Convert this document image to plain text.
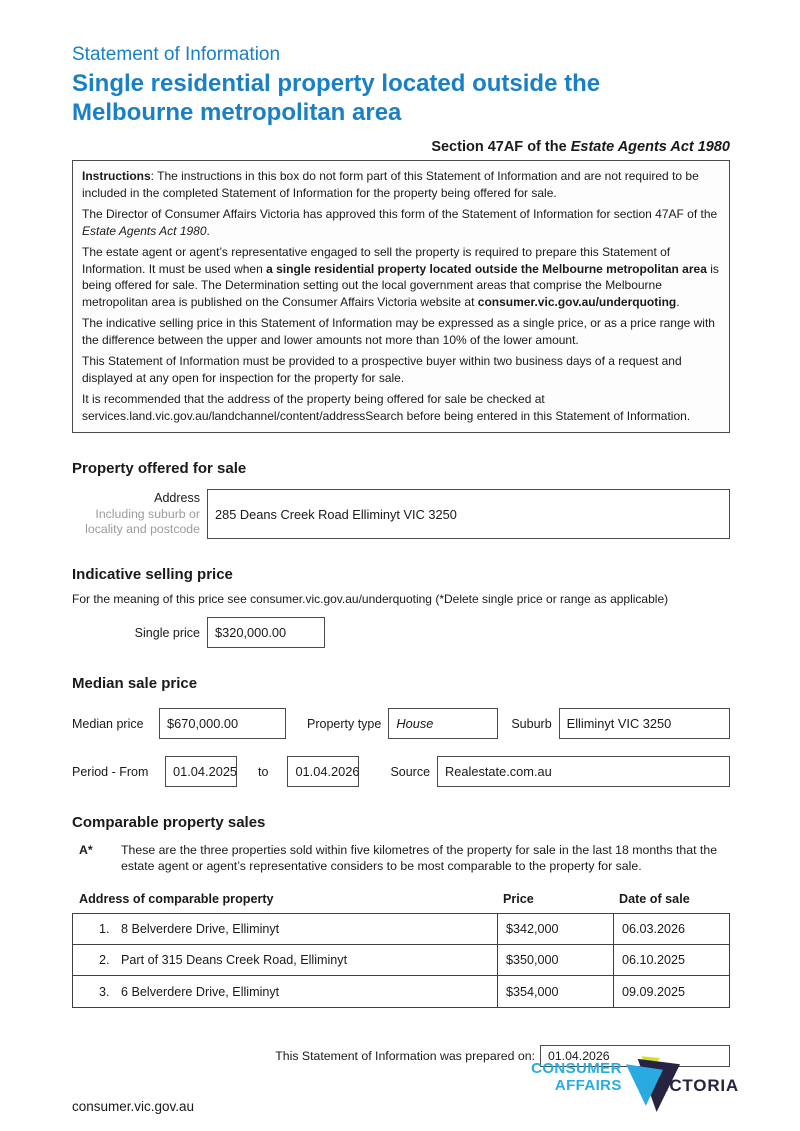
Statement of Information
Single residential property located outside the
Melbourne metropolitan area
Section 47AF of the Estate Agents Act 1980

Instructions: The instructions in this box do not form part of this Statement of Information and are not required to be included in the completed Statement of Information for the property being offered for sale.

The Director of Consumer Affairs Victoria has approved this form of the Statement of Information for section 47AF of the Estate Agents Act 1980.

The estate agent or agent’s representative engaged to sell the property is required to prepare this Statement of Information. It must be used when a single residential property located outside the Melbourne metropolitan area is being offered for sale. The Determination setting out the local government areas that comprise the Melbourne metropolitan area is published on the Consumer Affairs Victoria website at consumer.vic.gov.au/underquoting.

The indicative selling price in this Statement of Information may be expressed as a single price, or as a price range with the difference between the upper and lower amounts not more than 10% of the lower amount.

This Statement of Information must be provided to a prospective buyer within two business days of a request and displayed at any open for inspection for the property for sale.

It is recommended that the address of the property being offered for sale be checked at services.land.vic.gov.au/landchannel/content/addressSearch before being entered in this Statement of Information.

Property offered for sale
Address
Including suburb or
locality and postcode
285 Deans Creek Road Elliminyt VIC 3250
Indicative selling price
For the meaning of this price see consumer.vic.gov.au/underquoting (*Delete single price or range as applicable)
Single price	$320,000.00
Median sale price
Median price	$670,000.00	Property type	House	Suburb	Elliminyt VIC 3250
Period - From	01.04.2025 to	01.04.2026 Source	Realestate.com.au
Comparable property sales
A*	These are the three properties sold within five kilometres of the property for sale in the last 18 months that the estate agent or agent’s representative considers to be most comparable to the property for sale.
Address of comparable property	Price	Date of sale
1. 8 Belverdere Drive, Elliminyt	$342,000	06.03.2026
2. Part of 315 Deans Creek Road, Elliminyt	$350,000	06.10.2025
3. 6 Belverdere Drive, Elliminyt	$354,000	09.09.2025
This Statement of Information was prepared on:	01.04.2026
CONSUMER
AFFAIRS ICTORIA
consumer.vic.gov.au
